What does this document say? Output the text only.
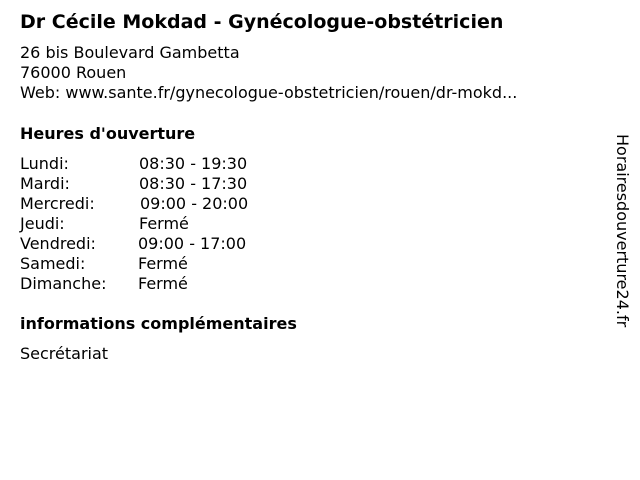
Dr Cécile Mokdad - Gynécologue-obstétricien
26 bis Boulevard Gambetta
76000 Rouen
Web: www.sante.fr/gynecologue-obstetricien/rouen/dr-mokd...
Heures d'ouverture
Lundi:	08:30 - 19:30
Mardi:	08:30 - 17:30
Mercredi:	09:00 - 20:00
Jeudi:	Fermé
Vendredi:	09:00 - 17:00
Samedi:	Fermé
Dimanche: Fermé
informations complémentaires
Secrétariat
Horairesdouverture24.fr
